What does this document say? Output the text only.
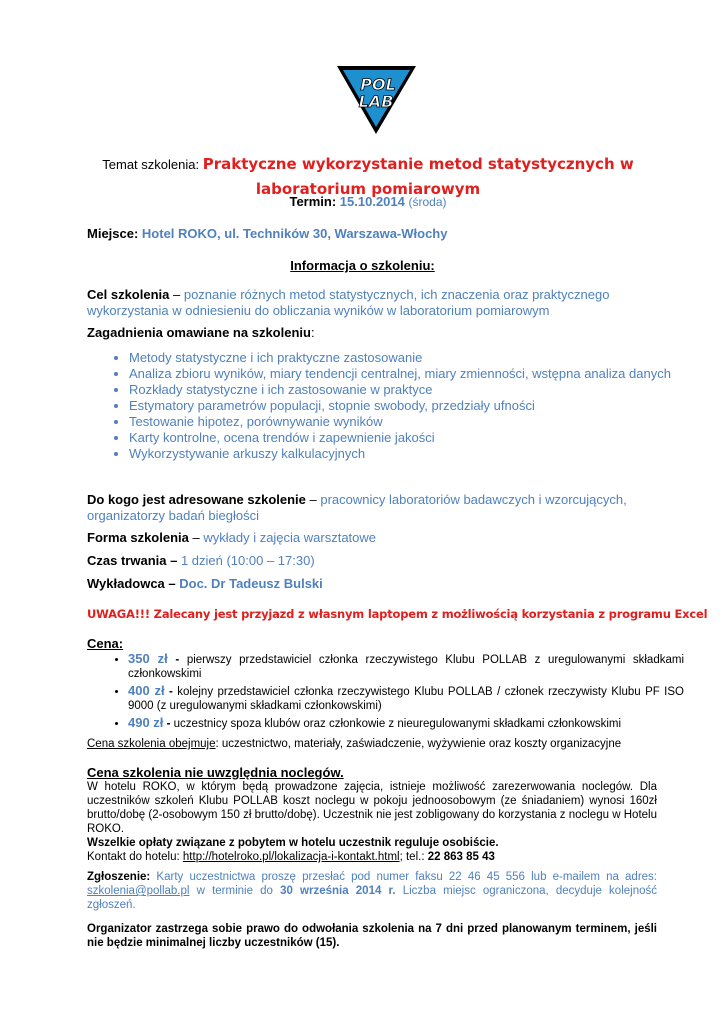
POL
LAB
Temat szkolenia: Praktyczne wykorzystanie metod statystycznych w laboratorium pomiarowym
Termin: 15.10.2014 (środa)
Miejsce: Hotel ROKO, ul. Techników 30, Warszawa-Włochy
Informacja o szkoleniu:
Cel szkolenia – poznanie różnych metod statystycznych, ich znaczenia oraz praktycznego wykorzystania w odniesieniu do obliczania wyników w laboratorium pomiarowym
Zagadnienia omawiane na szkoleniu:
• Metody statystyczne i ich praktyczne zastosowanie
• Analiza zbioru wyników, miary tendencji centralnej, miary zmienności, wstępna analiza danych
• Rozkłady statystyczne i ich zastosowanie w praktyce
• Estymatory parametrów populacji, stopnie swobody, przedziały ufności
• Testowanie hipotez, porównywanie wyników
• Karty kontrolne, ocena trendów i zapewnienie jakości
• Wykorzystywanie arkuszy kalkulacyjnych
Do kogo jest adresowane szkolenie – pracownicy laboratoriów badawczych i wzorcujących, organizatorzy badań biegłości
Forma szkolenia – wykłady i zajęcia warsztatowe
Czas trwania – 1 dzień (10:00 – 17:30)
Wykładowca – Doc. Dr Tadeusz Bulski
UWAGA!!! Zalecany jest przyjazd z własnym laptopem z możliwością korzystania z programu Excel
Cena:
• 350 zł - pierwszy przedstawiciel członka rzeczywistego Klubu POLLAB z uregulowanymi składkami członkowskimi
• 400 zł - kolejny przedstawiciel członka rzeczywistego Klubu POLLAB / członek rzeczywisty Klubu PF ISO 9000 (z uregulowanymi składkami członkowskimi)
• 490 zł - uczestnicy spoza klubów oraz członkowie z nieuregulowanymi składkami członkowskimi
Cena szkolenia obejmuje: uczestnictwo, materiały, zaświadczenie, wyżywienie oraz koszty organizacyjne
Cena szkolenia nie uwzględnia noclegów.
W hotelu ROKO, w którym będą prowadzone zajęcia, istnieje możliwość zarezerwowania noclegów. Dla uczestników szkoleń Klubu POLLAB koszt noclegu w pokoju jednoosobowym (ze śniadaniem) wynosi 160zł brutto/dobę (2-osobowym 150 zł brutto/dobę). Uczestnik nie jest zobligowany do korzystania z noclegu w Hotelu ROKO.
Wszelkie opłaty związane z pobytem w hotelu uczestnik reguluje osobiście.
Kontakt do hotelu: http://hotelroko.pl/lokalizacja-i-kontakt.html; tel.: 22 863 85 43
Zgłoszenie: Karty uczestnictwa proszę przesłać pod numer faksu 22 46 45 556 lub e-mailem na adres: szkolenia@pollab.pl w terminie do 30 września 2014 r. Liczba miejsc ograniczona, decyduje kolejność zgłoszeń.
Organizator zastrzega sobie prawo do odwołania szkolenia na 7 dni przed planowanym terminem, jeśli nie będzie minimalnej liczby uczestników (15).
